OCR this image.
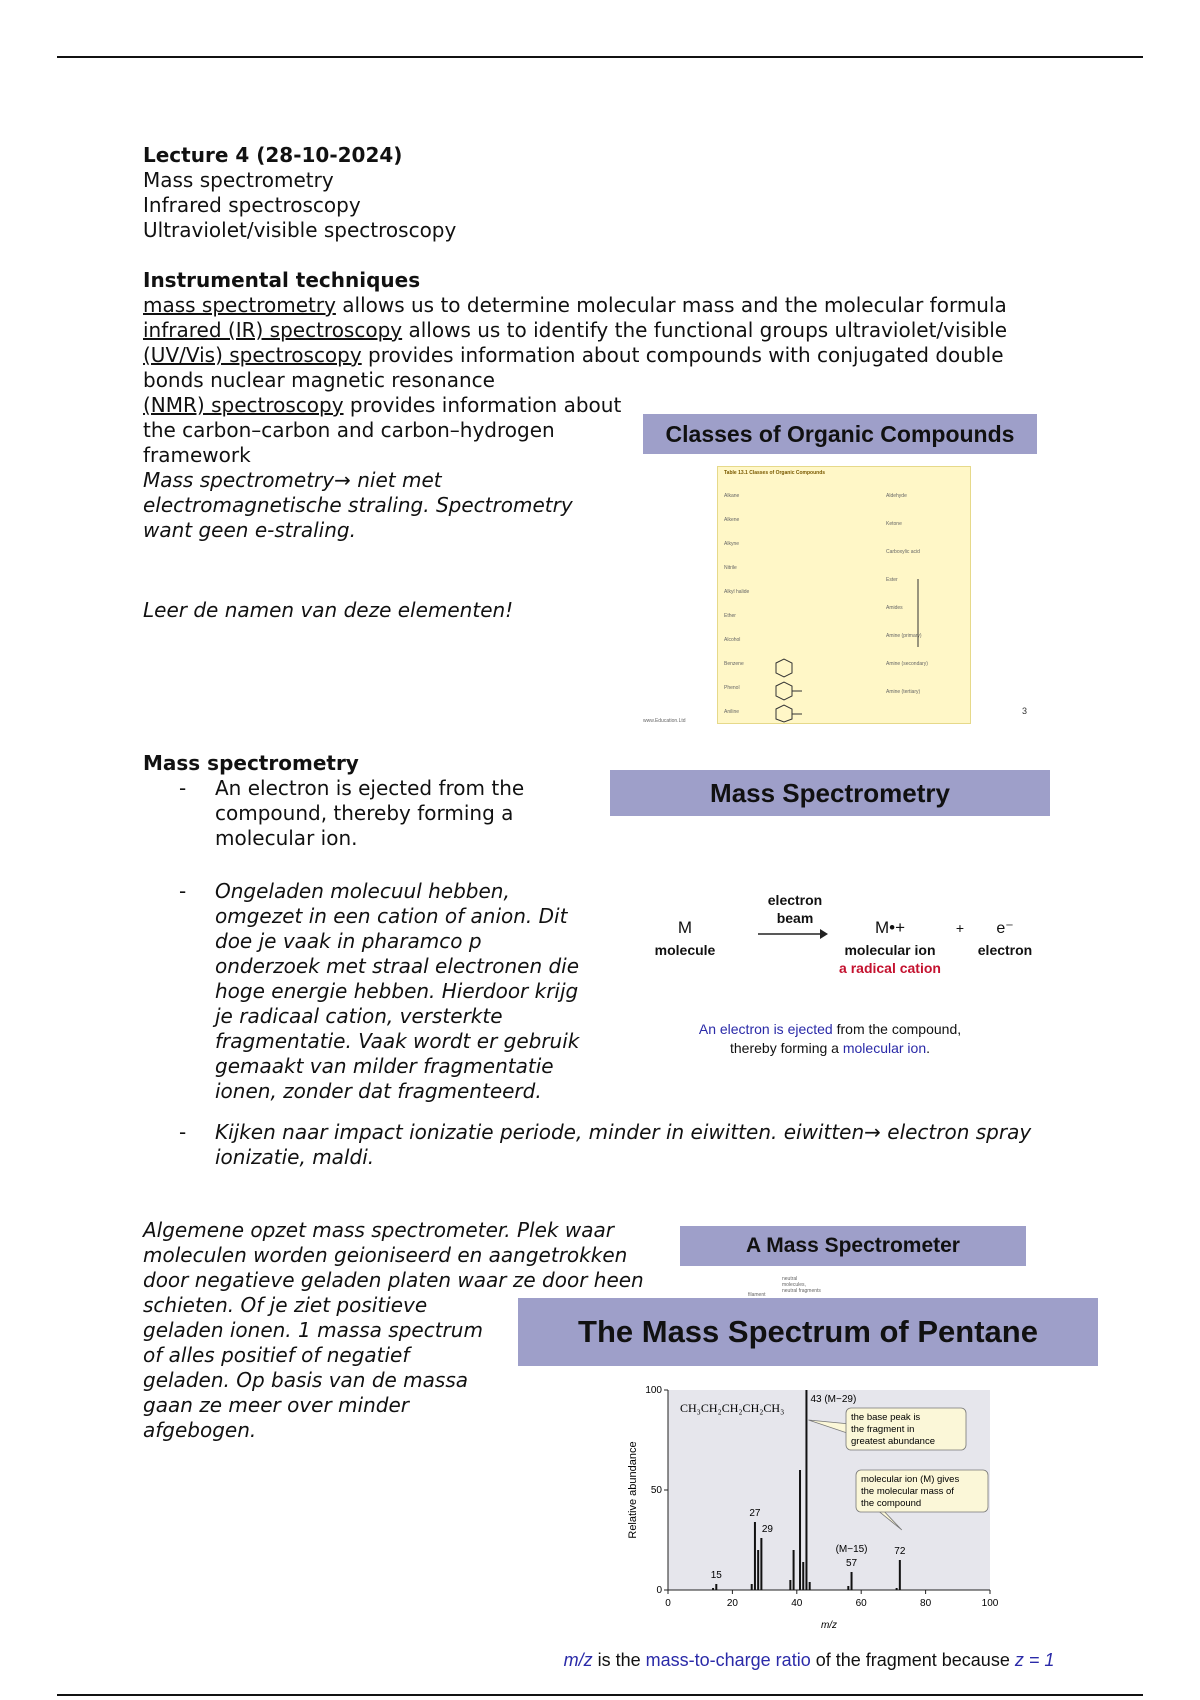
Lecture 4 (28-10-2024)
Mass spectrometry
Infrared spectroscopy
Ultraviolet/visible spectroscopy
Instrumental techniques
mass spectrometry allows us to determine molecular mass and the molecular formula
infrared (IR) spectroscopy allows us to identify the functional groups ultraviolet/visible
(UV/Vis) spectroscopy provides information about compounds with conjugated double
bonds nuclear magnetic resonance
(NMR) spectroscopy provides information about
the carbon–carbon and carbon–hydrogen
framework
Mass spectrometry→ niet met
electromagnetische straling. Spectrometry
want geen e-straling.
Leer de namen van deze elementen!
Classes of Organic Compounds
Table 13.1 Classes of Organic Compounds
Alkane
Alkene
Alkyne
Nitrile
Alkyl halide
Ether
Alcohol
Benzene
Phenol
Aniline
Aldehyde
Ketone
Carboxylic acid
Ester
Amides
Amine (primary)
Amine (secondary)
Amine (tertiary)
www.Education.Ltd
3
Mass spectrometry
- An electron is ejected from the
compound, thereby forming a
molecular ion.
- Ongeladen molecuul hebben,
omgezet in een cation of anion. Dit
doe je vaak in pharamco p
onderzoek met straal electronen die
hoge energie hebben. Hierdoor krijg
je radicaal cation, versterkte
fragmentatie. Vaak wordt er gebruik
gemaakt van milder fragmentatie
ionen, zonder dat fragmenteerd.
- Kijken naar impact ionizatie periode, minder in eiwitten. eiwitten→ electron spray
ionizatie, maldi.
Mass Spectrometry
M
molecule
electron
beam	M•+
molecular ion
a radical cation
+	e⁻
electron
An electron is ejected from the compound,
thereby forming a molecular ion.
Algemene opzet mass spectrometer. Plek waar
moleculen worden geioniseerd en aangetrokken
door negatieve geladen platen waar ze door heen
schieten. Of je ziet positieve
geladen ionen. 1 massa spectrum
of alles positief of negatief
geladen. Op basis van de massa
gaan ze meer over minder
afgebogen.
A Mass Spectrometer
neutral
molecules,
neutral fragments
filament
The Mass Spectrum of Pentane
0	20	40	60	80	100
0
50
100
Relative abundance
m/z
15
27
29
57
72
43 (M−29)
(M−15)
CH₃CH₂CH₂CH₂CH₃
the base peak is
the fragment in
greatest abundance
molecular ion (M) gives
the molecular mass of
the compound
m/z is the mass-to-charge ratio of the fragment because z = 1
